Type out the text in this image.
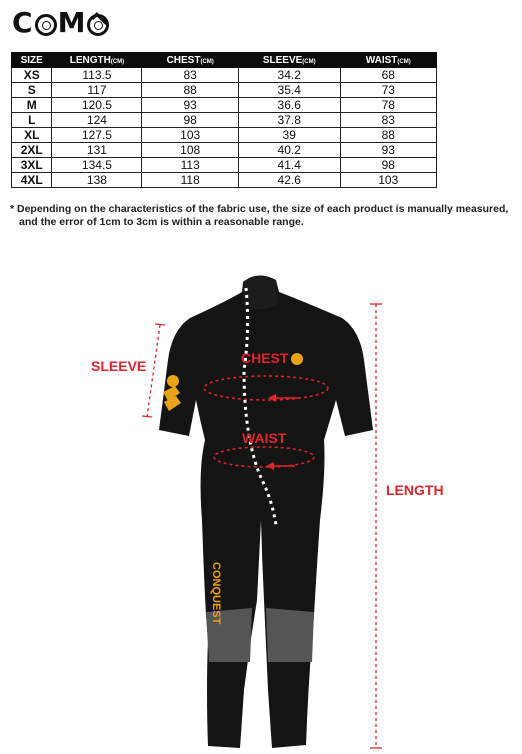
C M
SIZE	LENGTH(CM)	CHEST(CM)	SLEEVE(CM)	WAIST(CM)
XS	113.5	83	34.2	68
S	117	88	35.4	73
M	120.5	93	36.6	78
L	124	98	37.8	83
XL	127.5	103	39	88
2XL	131	108	40.2	93
3XL	134.5	113	41.4	98
4XL	138	118	42.6	103
* Depending on the characteristics of the fabric use, the size of each product is manually measured,
and the error of 1cm to 3cm is within a reasonable range.
CONQUEST
SLEEVE	CHEST
WAIST
LENGTH
